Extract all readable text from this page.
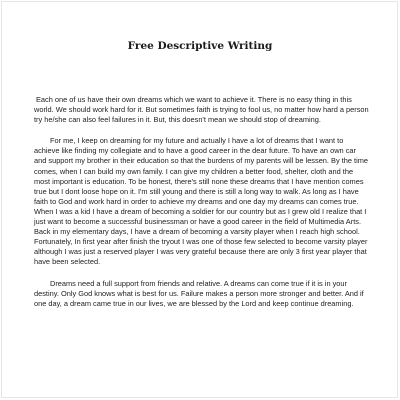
Free Descriptive Writing

Each one of us have their own dreams which we want to achieve it. There is no easy thing in this world. We should work hard for it. But sometimes faith is trying to fool us, no matter how hard a person try he/she can also feel failures in it. But, this doesn't mean we should stop of dreaming.

For me, I keep on dreaming for my future and actually I have a lot of dreams that I want to achieve like finding my collegiate and to have a good career in the dear future. To have an own car and support my brother in their education so that the burdens of my parents will be lessen. By the time comes, when I can build my own family. I can give my children a better food, shelter, cloth and the most important is education. To be honest, there's still none these dreams that I have mention comes true but I dont loose hope on it. I'm still young and there is still a long way to walk. As long as I have faith to God and work hard in order to achieve my dreams and one day my dreams can comes true. When I was a kid I have a dream of becoming a soldier for our country but as I grew old I realize that I just want to become a successful businessman or have a good career in the field of Multimedia Arts. Back in my elementary days, I have a dream of becoming a varsity player when I reach high school. Fortunately, In first year after finish the tryout I was one of those few selected to become varsity player although I was just a reserved player I was very grateful because there are only 3 first year player that have been selected.

Dreams need a full support from friends and relative. A dreams can come true if it is in your destiny. Only God knows what is best for us. Failure makes a person more stronger and better. And if one day, a dream came true in our lives, we are blessed by the Lord and keep continue dreaming.
